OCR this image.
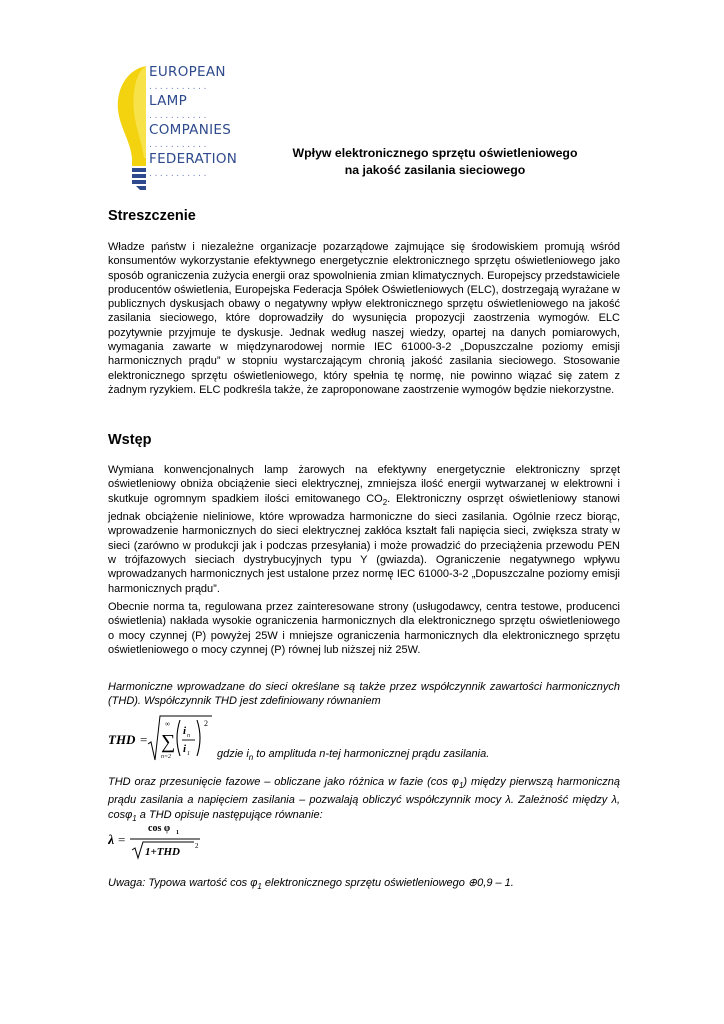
EUROPEAN
...........
LAMP
...........
COMPANIES
...........
FEDERATION
...........
Wpływ elektronicznego sprzętu oświetleniowego
na jakość zasilania sieciowego
Streszczenie

Władze państw i niezależne organizacje pozarządowe zajmujące się środowiskiem promują wśród konsumentów wykorzystanie efektywnego energetycznie elektronicznego sprzętu oświetleniowego jako sposób ograniczenia zużycia energii oraz spowolnienia zmian klimatycznych. Europejscy przedstawiciele producentów oświetlenia, Europejska Federacja Spółek Oświetleniowych (ELC), dostrzegają wyrażane w publicznych dyskusjach obawy o negatywny wpływ elektronicznego sprzętu oświetleniowego na jakość zasilania sieciowego, które doprowadziły do wysunięcia propozycji zaostrzenia wymogów. ELC pozytywnie przyjmuje te dyskusje. Jednak według naszej wiedzy, opartej na danych pomiarowych, wymagania zawarte w międzynarodowej normie IEC 61000-3-2 „Dopuszczalne poziomy emisji harmonicznych prądu” w stopniu wystarczającym chronią jakość zasilania sieciowego. Stosowanie elektronicznego sprzętu oświetleniowego, który spełnia tę normę, nie powinno wiązać się zatem z żadnym ryzykiem. ELC podkreśla także, że zaproponowane zaostrzenie wymogów będzie niekorzystne.

Wstęp

Wymiana konwencjonalnych lamp żarowych na efektywny energetycznie elektroniczny sprzęt oświetleniowy obniża obciążenie sieci elektrycznej, zmniejsza ilość energii wytwarzanej w elektrowni i skutkuje ogromnym spadkiem ilości emitowanego $CO_2$. Elektroniczny osprzęt oświetleniowy stanowi jednak obciążenie nieliniowe, które wprowadza harmoniczne do sieci zasilania. Ogólnie rzecz biorąc, wprowadzenie harmonicznych do sieci elektrycznej zakłóca kształt fali napięcia sieci, zwiększa straty w sieci (zarówno w produkcji jak i podczas przesyłania) i może prowadzić do przeciążenia przewodu PEN w trójfazowych sieciach dystrybucyjnych typu Y (gwiazda). Ograniczenie negatywnego wpływu wprowadzanych harmonicznych jest ustalone przez normę IEC 61000-3-2 „Dopuszczalne poziomy emisji harmonicznych prądu”.

Obecnie norma ta, regulowana przez zainteresowane strony (usługodawcy, centra testowe, producenci oświetlenia) nakłada wysokie ograniczenia harmonicznych dla elektronicznego sprzętu oświetleniowego o mocy czynnej (P) powyżej 25W i mniejsze ograniczenia harmonicznych dla elektronicznego sprzętu oświetleniowego o mocy czynnej (P) równej lub niższej niż 25W.

Harmoniczne wprowadzane do sieci określane są także przez współczynnik zawartości harmonicznych (THD). Współczynnik THD jest zdefiniowany równaniem

THD =
∞
∑
n=2
i n
i 1
2
gdzie $i_n$ to amplituda n-tej harmonicznej prądu zasilania.

THD oraz przesunięcie fazowe – obliczane jako różnica w fazie (cos $\varphi_1$) między pierwszą harmoniczną prądu zasilania a napięciem zasilania – pozwalają obliczyć współczynnik mocy λ. Zależność między λ, cosφ$_1$ a THD opisuje następujące równanie:

λ =
cos φ 1
1+THD 2

Uwaga: Typowa wartość $\cos \varphi_1$ elektronicznego sprzętu oświetleniowego ⊕0,9 – 1.
